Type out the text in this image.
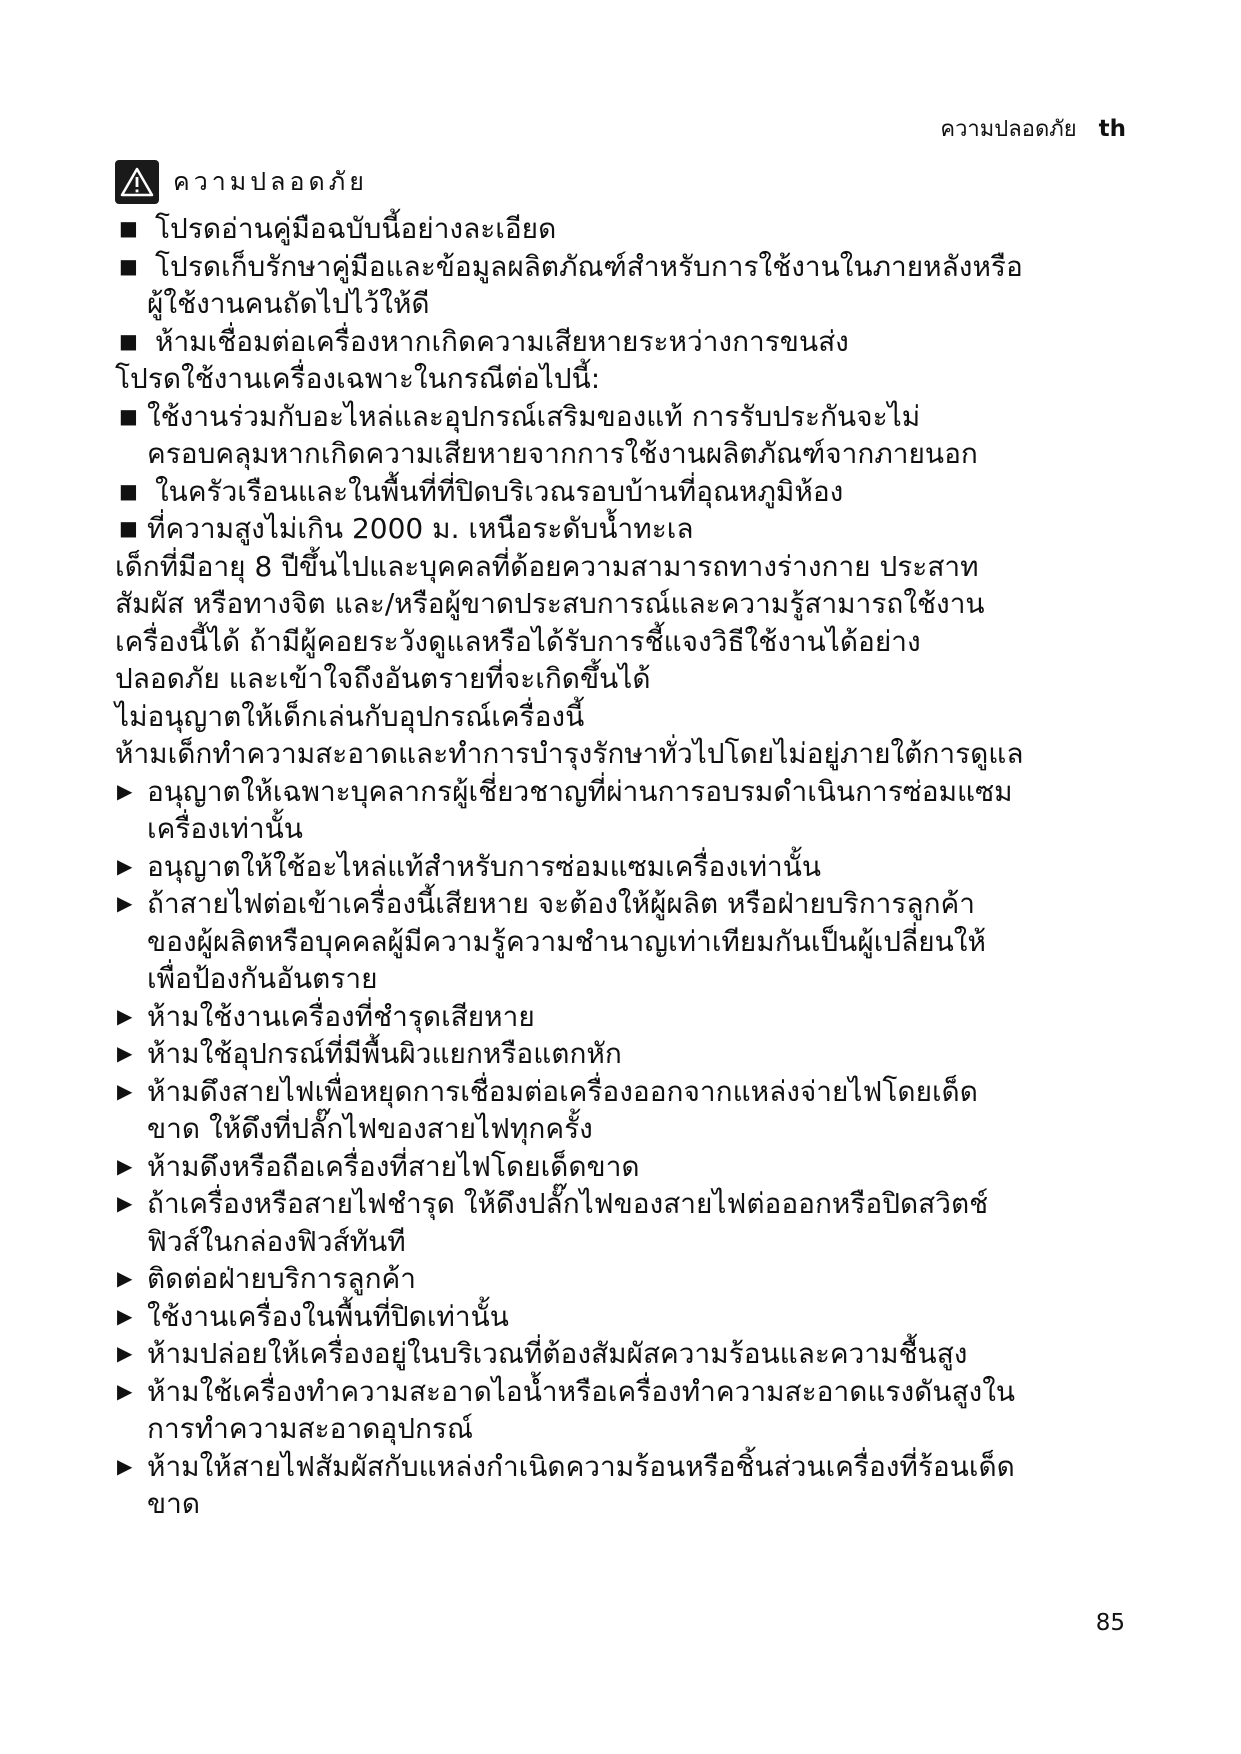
ความปลอดภัย th
ความปลอดภัย
■ โปรดอ่านคู่มือฉบับนี้อย่างละเอียด
■ โปรดเก็บรักษาคู่มือและข้อมูลผลิตภัณฑ์สำหรับการใช้งานในภายหลังหรือ
ผู้ใช้งานคนถัดไปไว้ให้ดี
■ ห้ามเชื่อมต่อเครื่องหากเกิดความเสียหายระหว่างการขนส่ง
โปรดใช้งานเครื่องเฉพาะในกรณีต่อไปนี้:
■ ใช้งานร่วมกับอะไหล่และอุปกรณ์เสริมของแท้ การรับประกันจะไม่
ครอบคลุมหากเกิดความเสียหายจากการใช้งานผลิตภัณฑ์จากภายนอก
■ ในครัวเรือนและในพื้นที่ที่ปิดบริเวณรอบบ้านที่อุณหภูมิห้อง
■ ที่ความสูงไม่เกิน 2000 ม. เหนือระดับน้ำทะเล
เด็กที่มีอายุ 8 ปีขึ้นไปและบุคคลที่ด้อยความสามารถทางร่างกาย ประสาท
สัมผัส หรือทางจิต และ/หรือผู้ขาดประสบการณ์และความรู้สามารถใช้งาน
เครื่องนี้ได้ ถ้ามีผู้คอยระวังดูแลหรือได้รับการชี้แจงวิธีใช้งานได้อย่าง
ปลอดภัย และเข้าใจถึงอันตรายที่จะเกิดขึ้นได้
ไม่อนุญาตให้เด็กเล่นกับอุปกรณ์เครื่องนี้
ห้ามเด็กทำความสะอาดและทำการบำรุงรักษาทั่วไปโดยไม่อยู่ภายใต้การดูแล
▶ อนุญาตให้เฉพาะบุคลากรผู้เชี่ยวชาญที่ผ่านการอบรมดำเนินการซ่อมแซม
เครื่องเท่านั้น
▶ อนุญาตให้ใช้อะไหล่แท้สำหรับการซ่อมแซมเครื่องเท่านั้น
▶ ถ้าสายไฟต่อเข้าเครื่องนี้เสียหาย จะต้องให้ผู้ผลิต หรือฝ่ายบริการลูกค้า
ของผู้ผลิตหรือบุคคลผู้มีความรู้ความชำนาญเท่าเทียมกันเป็นผู้เปลี่ยนให้
เพื่อป้องกันอันตราย
▶ ห้ามใช้งานเครื่องที่ชำรุดเสียหาย
▶ ห้ามใช้อุปกรณ์ที่มีพื้นผิวแยกหรือแตกหัก
▶ ห้ามดึงสายไฟเพื่อหยุดการเชื่อมต่อเครื่องออกจากแหล่งจ่ายไฟโดยเด็ด
ขาด ให้ดึงที่ปลั๊กไฟของสายไฟทุกครั้ง
▶ ห้ามดึงหรือถือเครื่องที่สายไฟโดยเด็ดขาด
▶ ถ้าเครื่องหรือสายไฟชำรุด ให้ดึงปลั๊กไฟของสายไฟต่อออกหรือปิดสวิตช์
ฟิวส์ในกล่องฟิวส์ทันที
▶ ติดต่อฝ่ายบริการลูกค้า
▶ ใช้งานเครื่องในพื้นที่ปิดเท่านั้น
▶ ห้ามปล่อยให้เครื่องอยู่ในบริเวณที่ต้องสัมผัสความร้อนและความชื้นสูง
▶ ห้ามใช้เครื่องทำความสะอาดไอน้ำหรือเครื่องทำความสะอาดแรงดันสูงใน
การทำความสะอาดอุปกรณ์
▶ ห้ามให้สายไฟสัมผัสกับแหล่งกำเนิดความร้อนหรือชิ้นส่วนเครื่องที่ร้อนเด็ด
ขาด
85
